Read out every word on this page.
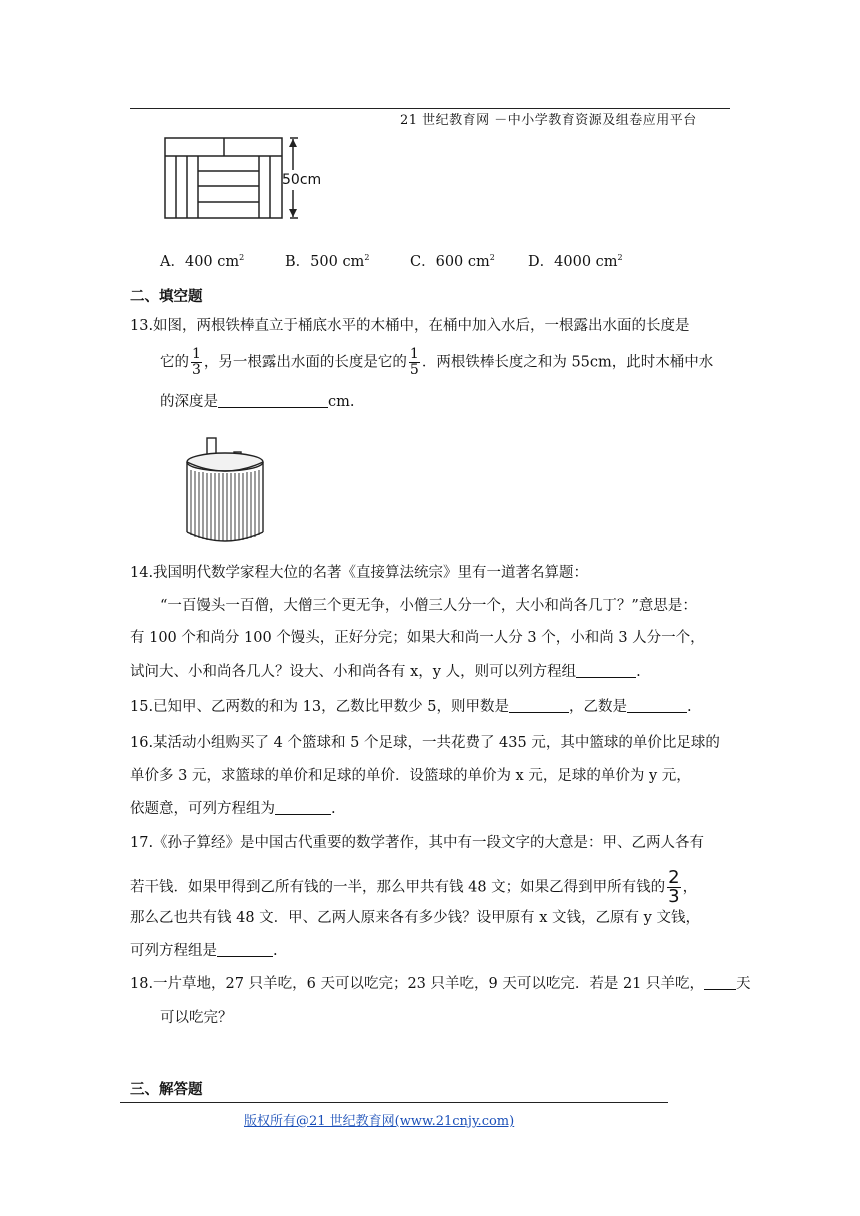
21 世纪教育网 －中小学教育资源及组卷应用平台
50cm
A．400 $cm^2$	B．500 $cm^2$	C．600 $cm^2$ D．4000 $cm^2$
二、填空题
13.如图，两根铁棒直立于桶底水平的木桶中，在桶中加入水后，一根露出水面的长度是
它的 $\frac{1}{3}$ ，另一根露出水面的长度是它的 $\frac{1}{5}$ ．两根铁棒长度之和为 55cm，此时木桶中水
的深度是	cm.
14.我国明代数学家程大位的名著《直接算法统宗》里有一道著名算题：
“一百馒头一百僧，大僧三个更无争，小僧三人分一个，大小和尚各几丁？”意思是：
有 100 个和尚分 100 个馒头，正好分完；如果大和尚一人分 3 个，小和尚 3 人分一个，
试问大、小和尚各几人？设大、小和尚各有 x，y 人，则可以列方程组	.
15.已知甲、乙两数的和为 13，乙数比甲数少 5，则甲数是	，乙数是	.
16.某活动小组购买了 4 个篮球和 5 个足球，一共花费了 435 元，其中篮球的单价比足球的
单价多 3 元，求篮球的单价和足球的单价．设篮球的单价为 x 元，足球的单价为 y 元，
依题意，可列方程组为	.
17.《孙子算经》是中国古代重要的数学著作，其中有一段文字的大意是：甲、乙两人各有
若干钱．如果甲得到乙所有钱的一半，那么甲共有钱 48 文；如果乙得到甲所有钱的 $\frac{2}{3}$ ，
那么乙也共有钱 48 文．甲、乙两人原来各有多少钱？设甲原有 x 文钱，乙原有 y 文钱，
可列方程组是	.
18.一片草地，27 只羊吃，6 天可以吃完；23 只羊吃，9 天可以吃完．若是 21 只羊吃， 天
可以吃完？
三、解答题
版权所有@21 世纪教育网(www.21cnjy.com)
